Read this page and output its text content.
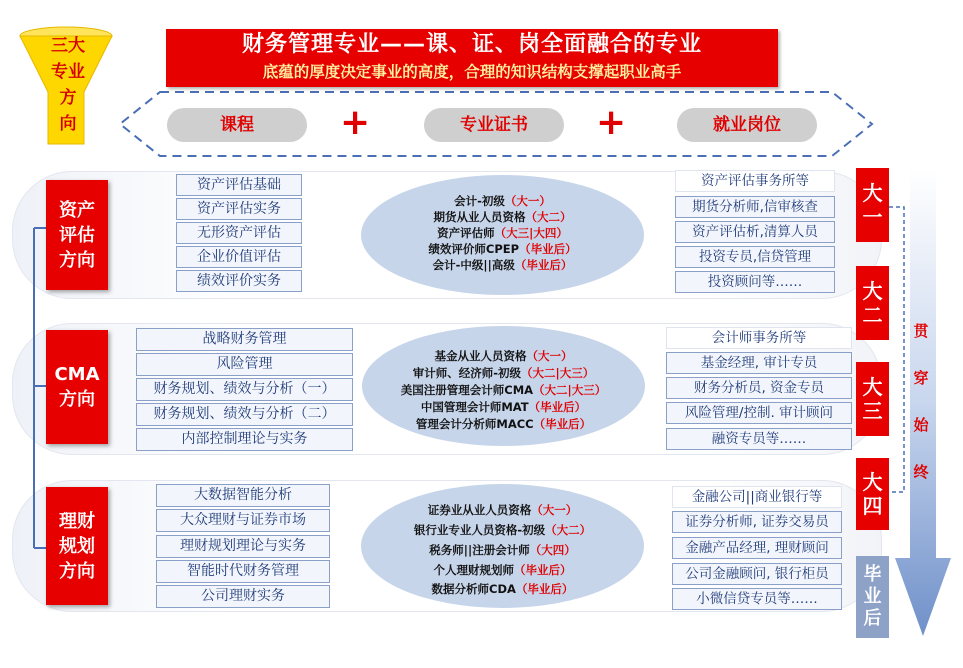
三大
专业
方
向
财务管理专业——课、证、岗全面融合的专业
底蕴的厚度决定事业的高度，合理的知识结构支撑起职业高手
课程	+	专业证书	+	就业岗位
资产
评估
方向
CMA
方向
理财
规划
方向
资产评估基础
资产评估实务
无形资产评估
企业价值评估
绩效评价实务
会计-初级（大一）
期货从业人员资格（大二）
资产评估师（大三|大四）
绩效评价师CPEP（毕业后）
会计-中级||高级（毕业后）
资产评估事务所等
期货分析师,信审核查
资产评估析,清算人员
投资专员,信贷管理
投资顾问等……
战略财务管理
风险管理
财务规划、绩效与分析（一）
财务规划、绩效与分析（二）
内部控制理论与实务
基金从业人员资格（大一）
审计师、经济师-初级（大二|大三）
美国注册管理会计师CMA（大二|大三）
中国管理会计师MAT（毕业后）
管理会计分析师MACC（毕业后）
会计师事务所等
基金经理, 审计专员
财务分析员, 资金专员
风险管理/控制. 审计顾问
融资专员等……
大数据智能分析
大众理财与证券市场
理财规划理论与实务
智能时代财务管理
公司理财实务
证券业从业人员资格（大一）
银行业专业人员资格-初级（大二）
税务师||注册会计师（大四）
个人理财规划师（毕业后）
数据分析师CDA（毕业后）
金融公司||商业银行等
证券分析师, 证券交易员
金融产品经理, 理财顾问
公司金融顾问, 银行柜员
小微信贷专员等……
大
一
大
二
大
三
大
四
毕
业
后
贯
穿
始
终
